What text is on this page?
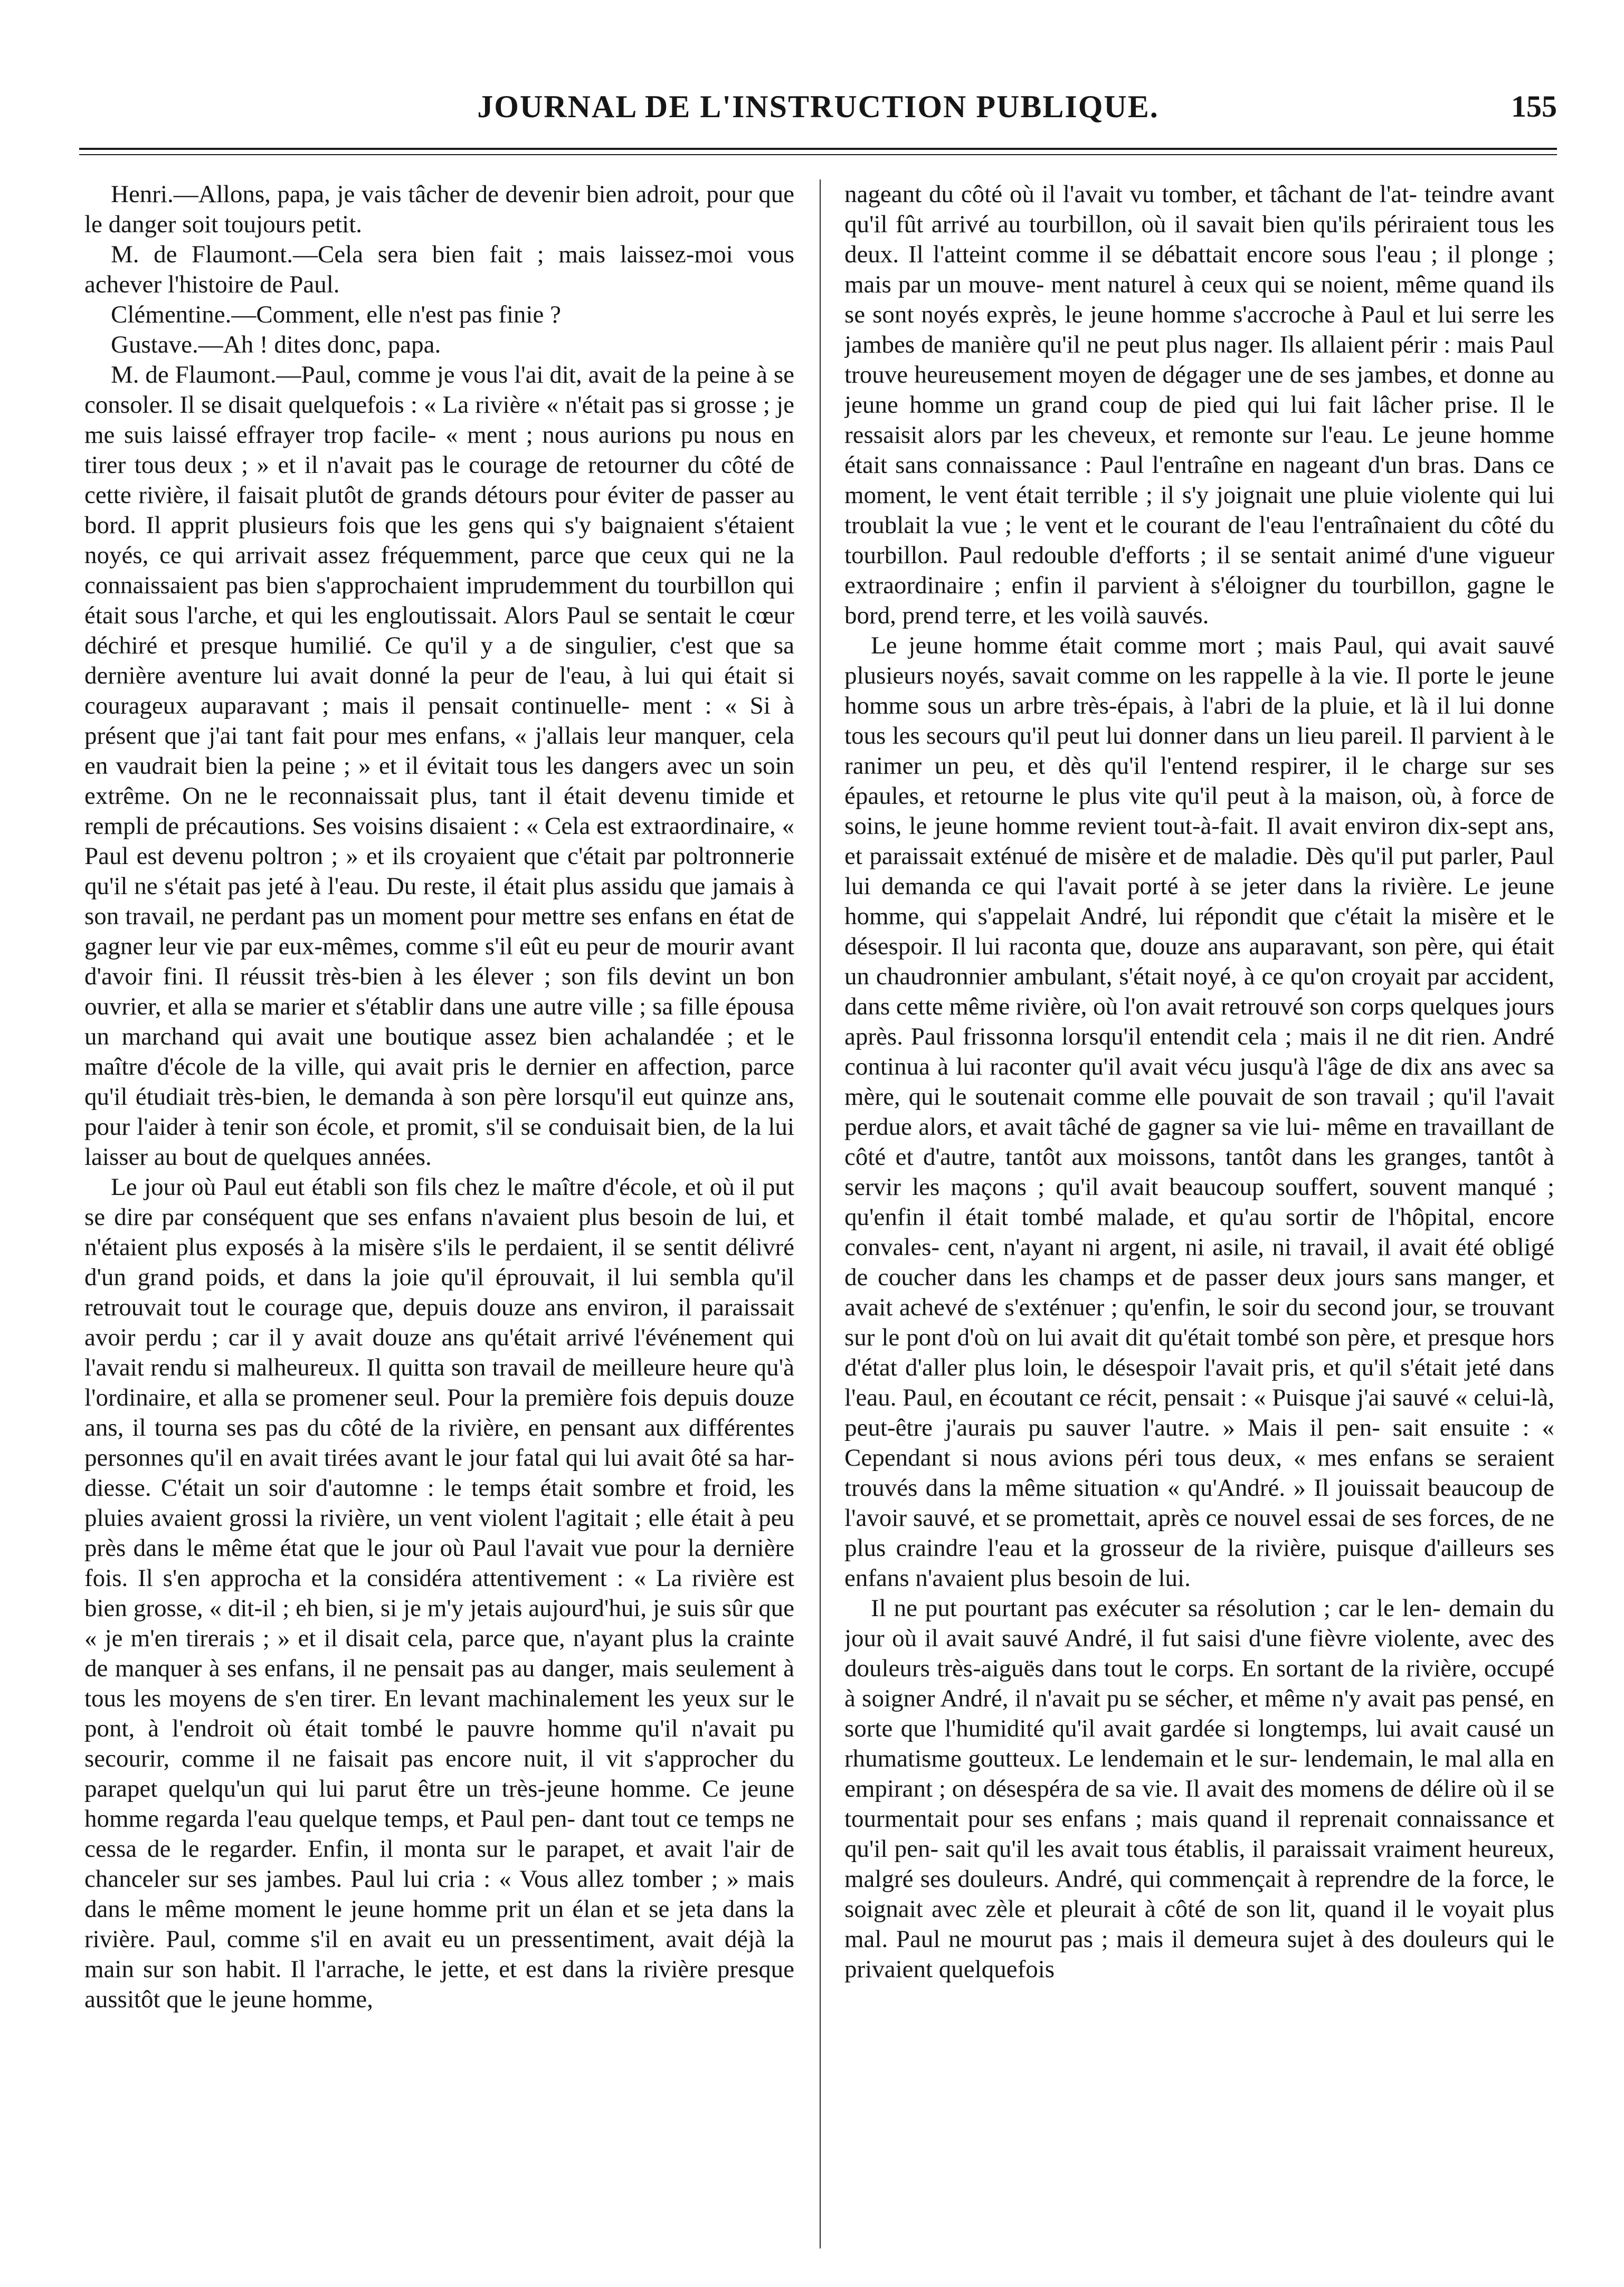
JOURNAL DE L'INSTRUCTION PUBLIQUE.	155

Henri.—Allons, papa, je vais tâcher de devenir bien adroit, pour que le danger soit toujours petit.

M. de Flaumont.—Cela sera bien fait ; mais laissez-moi vous achever l'histoire de Paul.

Clémentine.—Comment, elle n'est pas finie ?

Gustave.—Ah ! dites donc, papa.

M. de Flaumont.—Paul, comme je vous l'ai dit, avait de la peine à se consoler. Il se disait quelquefois : « La rivière « n'était pas si grosse ; je me suis laissé effrayer trop facile- « ment ; nous aurions pu nous en tirer tous deux ; » et il n'avait pas le courage de retourner du côté de cette rivière, il faisait plutôt de grands détours pour éviter de passer au bord. Il apprit plusieurs fois que les gens qui s'y baignaient s'étaient noyés, ce qui arrivait assez fréquemment, parce que ceux qui ne la connaissaient pas bien s'approchaient imprudemment du tourbillon qui était sous l'arche, et qui les engloutissait. Alors Paul se sentait le cœur déchiré et presque humilié. Ce qu'il y a de singulier, c'est que sa dernière aventure lui avait donné la peur de l'eau, à lui qui était si courageux auparavant ; mais il pensait continuelle- ment : « Si à présent que j'ai tant fait pour mes enfans, « j'allais leur manquer, cela en vaudrait bien la peine ; » et il évitait tous les dangers avec un soin extrême. On ne le reconnaissait plus, tant il était devenu timide et rempli de précautions. Ses voisins disaient : « Cela est extraordinaire, « Paul est devenu poltron ; » et ils croyaient que c'était par poltronnerie qu'il ne s'était pas jeté à l'eau. Du reste, il était plus assidu que jamais à son travail, ne perdant pas un moment pour mettre ses enfans en état de gagner leur vie par eux-mêmes, comme s'il eût eu peur de mourir avant d'avoir fini. Il réussit très-bien à les élever ; son fils devint un bon ouvrier, et alla se marier et s'établir dans une autre ville ; sa fille épousa un marchand qui avait une boutique assez bien achalandée ; et le maître d'école de la ville, qui avait pris le dernier en affection, parce qu'il étudiait très-bien, le demanda à son père lorsqu'il eut quinze ans, pour l'aider à tenir son école, et promit, s'il se conduisait bien, de la lui laisser au bout de quelques années.

Le jour où Paul eut établi son fils chez le maître d'école, et où il put se dire par conséquent que ses enfans n'avaient plus besoin de lui, et n'étaient plus exposés à la misère s'ils le perdaient, il se sentit délivré d'un grand poids, et dans la joie qu'il éprouvait, il lui sembla qu'il retrouvait tout le courage que, depuis douze ans environ, il paraissait avoir perdu ; car il y avait douze ans qu'était arrivé l'événement qui l'avait rendu si malheureux. Il quitta son travail de meilleure heure qu'à l'ordinaire, et alla se promener seul. Pour la première fois depuis douze ans, il tourna ses pas du côté de la rivière, en pensant aux différentes personnes qu'il en avait tirées avant le jour fatal qui lui avait ôté sa har- diesse. C'était un soir d'automne : le temps était sombre et froid, les pluies avaient grossi la rivière, un vent violent l'agitait ; elle était à peu près dans le même état que le jour où Paul l'avait vue pour la dernière fois. Il s'en approcha et la considéra attentivement : « La rivière est bien grosse, « dit-il ; eh bien, si je m'y jetais aujourd'hui, je suis sûr que « je m'en tirerais ; » et il disait cela, parce que, n'ayant plus la crainte de manquer à ses enfans, il ne pensait pas au danger, mais seulement à tous les moyens de s'en tirer. En levant machinalement les yeux sur le pont, à l'endroit où était tombé le pauvre homme qu'il n'avait pu secourir, comme il ne faisait pas encore nuit, il vit s'approcher du parapet quelqu'un qui lui parut être un très-jeune homme. Ce jeune homme regarda l'eau quelque temps, et Paul pen- dant tout ce temps ne cessa de le regarder. Enfin, il monta sur le parapet, et avait l'air de chanceler sur ses jambes. Paul lui cria : « Vous allez tomber ; » mais dans le même moment le jeune homme prit un élan et se jeta dans la rivière. Paul, comme s'il en avait eu un pressentiment, avait déjà la main sur son habit. Il l'arrache, le jette, et est dans la rivière presque aussitôt que le jeune homme,

nageant du côté où il l'avait vu tomber, et tâchant de l'at- teindre avant qu'il fût arrivé au tourbillon, où il savait bien qu'ils périraient tous les deux. Il l'atteint comme il se débattait encore sous l'eau ; il plonge ; mais par un mouve- ment naturel à ceux qui se noient, même quand ils se sont noyés exprès, le jeune homme s'accroche à Paul et lui serre les jambes de manière qu'il ne peut plus nager. Ils allaient périr : mais Paul trouve heureusement moyen de dégager une de ses jambes, et donne au jeune homme un grand coup de pied qui lui fait lâcher prise. Il le ressaisit alors par les cheveux, et remonte sur l'eau. Le jeune homme était sans connaissance : Paul l'entraîne en nageant d'un bras. Dans ce moment, le vent était terrible ; il s'y joignait une pluie violente qui lui troublait la vue ; le vent et le courant de l'eau l'entraînaient du côté du tourbillon. Paul redouble d'efforts ; il se sentait animé d'une vigueur extraordinaire ; enfin il parvient à s'éloigner du tourbillon, gagne le bord, prend terre, et les voilà sauvés.

Le jeune homme était comme mort ; mais Paul, qui avait sauvé plusieurs noyés, savait comme on les rappelle à la vie. Il porte le jeune homme sous un arbre très-épais, à l'abri de la pluie, et là il lui donne tous les secours qu'il peut lui donner dans un lieu pareil. Il parvient à le ranimer un peu, et dès qu'il l'entend respirer, il le charge sur ses épaules, et retourne le plus vite qu'il peut à la maison, où, à force de soins, le jeune homme revient tout-à-fait. Il avait environ dix-sept ans, et paraissait exténué de misère et de maladie. Dès qu'il put parler, Paul lui demanda ce qui l'avait porté à se jeter dans la rivière. Le jeune homme, qui s'appelait André, lui répondit que c'était la misère et le désespoir. Il lui raconta que, douze ans auparavant, son père, qui était un chaudronnier ambulant, s'était noyé, à ce qu'on croyait par accident, dans cette même rivière, où l'on avait retrouvé son corps quelques jours après. Paul frissonna lorsqu'il entendit cela ; mais il ne dit rien. André continua à lui raconter qu'il avait vécu jusqu'à l'âge de dix ans avec sa mère, qui le soutenait comme elle pouvait de son travail ; qu'il l'avait perdue alors, et avait tâché de gagner sa vie lui- même en travaillant de côté et d'autre, tantôt aux moissons, tantôt dans les granges, tantôt à servir les maçons ; qu'il avait beaucoup souffert, souvent manqué ; qu'enfin il était tombé malade, et qu'au sortir de l'hôpital, encore convales- cent, n'ayant ni argent, ni asile, ni travail, il avait été obligé de coucher dans les champs et de passer deux jours sans manger, et avait achevé de s'exténuer ; qu'enfin, le soir du second jour, se trouvant sur le pont d'où on lui avait dit qu'était tombé son père, et presque hors d'état d'aller plus loin, le désespoir l'avait pris, et qu'il s'était jeté dans l'eau. Paul, en écoutant ce récit, pensait : « Puisque j'ai sauvé « celui-là, peut-être j'aurais pu sauver l'autre. » Mais il pen- sait ensuite : « Cependant si nous avions péri tous deux, « mes enfans se seraient trouvés dans la même situation « qu'André. » Il jouissait beaucoup de l'avoir sauvé, et se promettait, après ce nouvel essai de ses forces, de ne plus craindre l'eau et la grosseur de la rivière, puisque d'ailleurs ses enfans n'avaient plus besoin de lui.

Il ne put pourtant pas exécuter sa résolution ; car le len- demain du jour où il avait sauvé André, il fut saisi d'une fièvre violente, avec des douleurs très-aiguës dans tout le corps. En sortant de la rivière, occupé à soigner André, il n'avait pu se sécher, et même n'y avait pas pensé, en sorte que l'humidité qu'il avait gardée si longtemps, lui avait causé un rhumatisme goutteux. Le lendemain et le sur- lendemain, le mal alla en empirant ; on désespéra de sa vie. Il avait des momens de délire où il se tourmentait pour ses enfans ; mais quand il reprenait connaissance et qu'il pen- sait qu'il les avait tous établis, il paraissait vraiment heureux, malgré ses douleurs. André, qui commençait à reprendre de la force, le soignait avec zèle et pleurait à côté de son lit, quand il le voyait plus mal. Paul ne mourut pas ; mais il demeura sujet à des douleurs qui le privaient quelquefois
